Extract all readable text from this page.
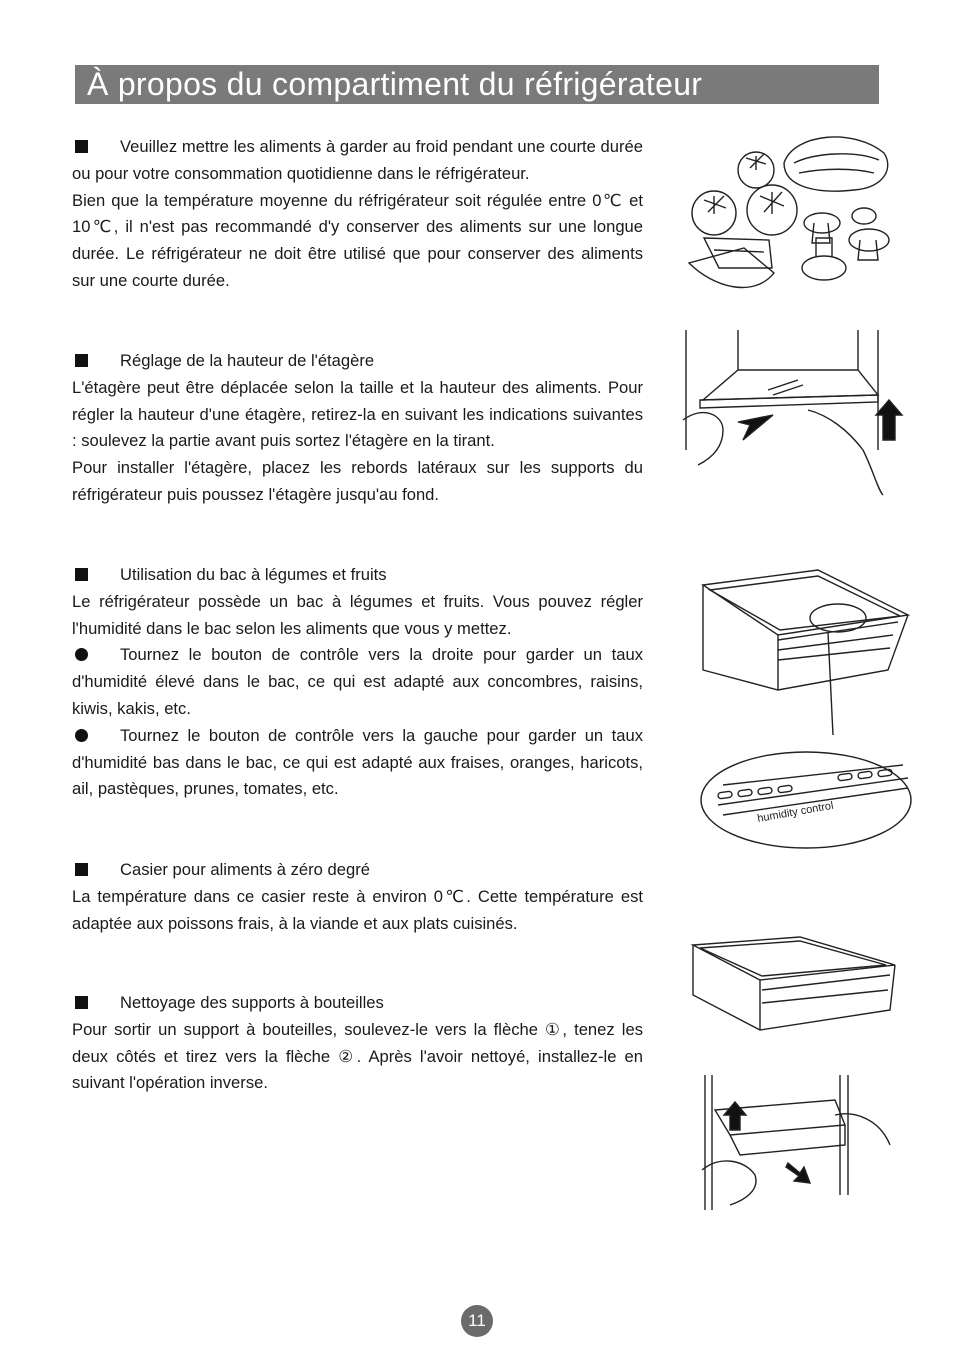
À propos du compartiment du réfrigérateur

Veuillez mettre les aliments à garder au froid pendant une courte durée ou pour votre consommation quotidienne dans le réfrigérateur.

Bien que la température moyenne du réfrigérateur soit régulée entre 0℃ et 10℃, il n'est pas recommandé d'y conserver des aliments sur une longue durée. Le réfrigérateur ne doit être utilisé que pour conserver des aliments sur une courte durée.

Réglage de la hauteur de l'étagère

L'étagère peut être déplacée selon la taille et la hauteur des aliments. Pour régler la hauteur d'une étagère, retirez-la en suivant les indications suivantes : soulevez la partie avant puis sortez l'étagère en la tirant.

Pour installer l'étagère, placez les rebords latéraux sur les supports du réfrigérateur puis poussez l'étagère jusqu'au fond.

Utilisation du bac à légumes et fruits

Le réfrigérateur possède un bac à légumes et fruits. Vous pouvez régler l'humidité dans le bac selon les aliments que vous y mettez.

Tournez le bouton de contrôle vers la droite pour garder un taux d'humidité élevé dans le bac, ce qui est adapté aux concombres, raisins, kiwis, kakis, etc.

Tournez le bouton de contrôle vers la gauche pour garder un taux d'humidité bas dans le bac, ce qui est adapté aux fraises, oranges, haricots, ail, pastèques, prunes, tomates, etc.

Casier pour aliments à zéro degré

La température dans ce casier reste à environ 0℃. Cette température est adaptée aux poissons frais, à la viande et aux plats cuisinés.

Nettoyage des supports à bouteilles

Pour sortir un support à bouteilles, soulevez-le vers la flèche ①, tenez les deux côtés et tirez vers la flèche ②. Après l'avoir nettoyé, installez-le en suivant l'opération inverse.

humidity control
11
